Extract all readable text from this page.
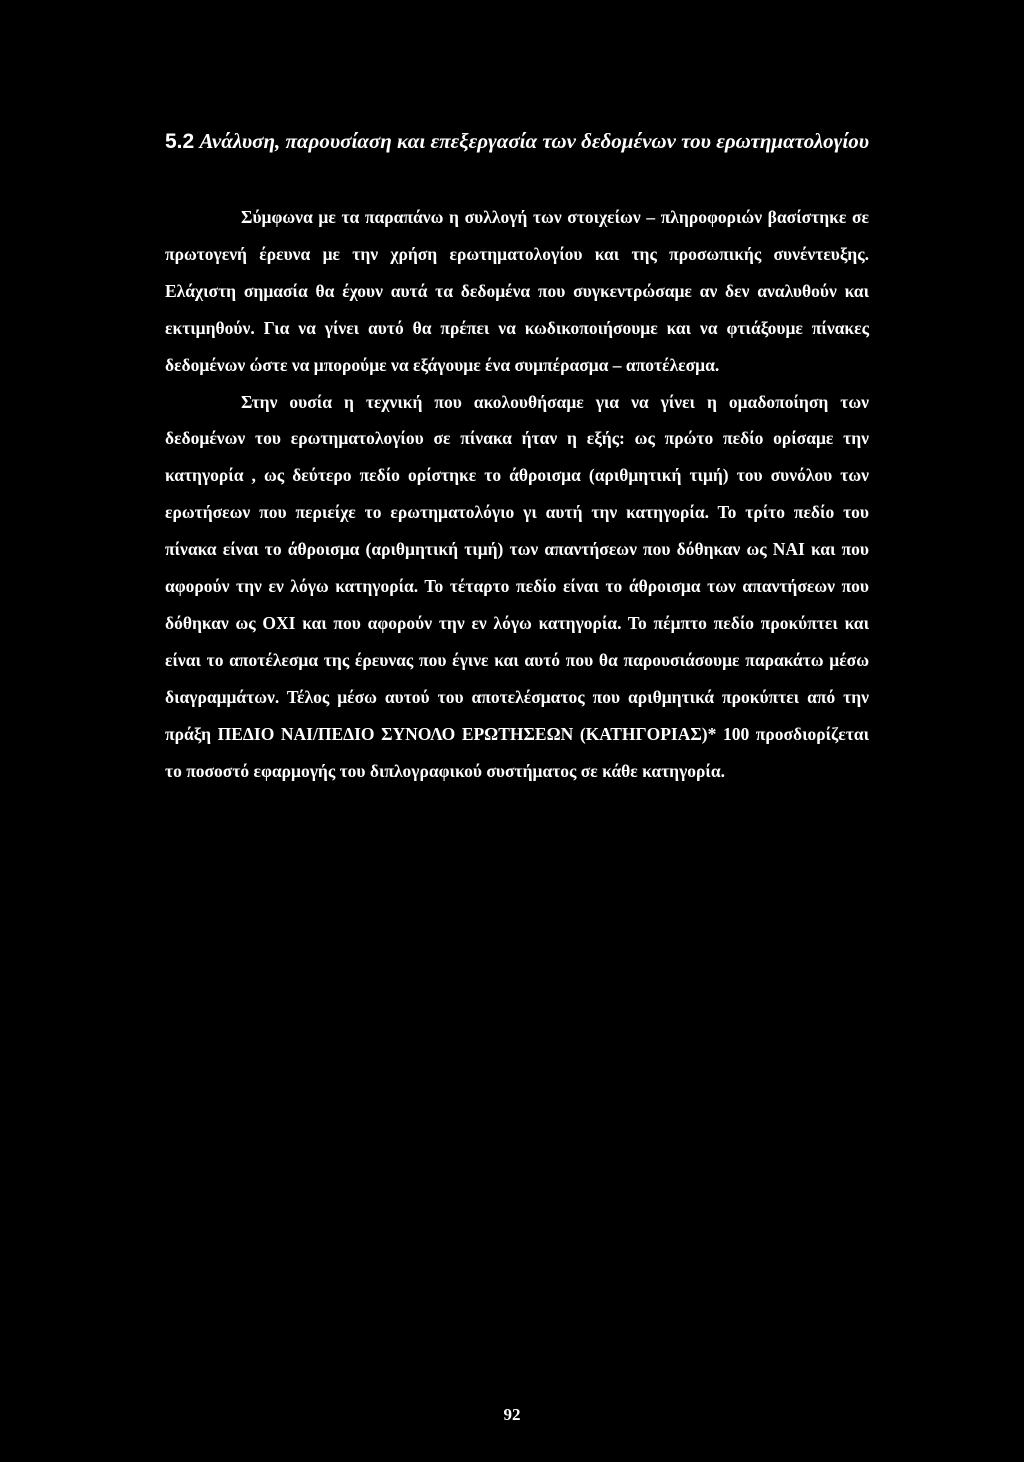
5.2 Ανάλυση, παρουσίαση και επεξεργασία των δεδομένων του ερωτηματολογίου

Σύμφωνα με τα παραπάνω η συλλογή των στοιχείων – πληροφοριών βασίστηκε σε πρωτογενή έρευνα με την χρήση ερωτηματολογίου και της προσωπικής συνέντευξης. Ελάχιστη σημασία θα έχουν αυτά τα δεδομένα που συγκεντρώσαμε αν δεν αναλυθούν και εκτιμηθούν. Για να γίνει αυτό θα πρέπει να κωδικοποιήσουμε και να φτιάξουμε πίνακες δεδομένων ώστε να μπορούμε να εξάγουμε ένα συμπέρασμα – αποτέλεσμα.

Στην ουσία η τεχνική που ακολουθήσαμε για να γίνει η ομαδοποίηση των δεδομένων του ερωτηματολογίου σε πίνακα ήταν η εξής: ως πρώτο πεδίο ορίσαμε την κατηγορία , ως δεύτερο πεδίο ορίστηκε το άθροισμα (αριθμητική τιμή) του συνόλου των ερωτήσεων που περιείχε το ερωτηματολόγιο γι αυτή την κατηγορία. Το τρίτο πεδίο του πίνακα είναι το άθροισμα (αριθμητική τιμή) των απαντήσεων που δόθηκαν ως ΝΑΙ και που αφορούν την εν λόγω κατηγορία. Το τέταρτο πεδίο είναι το άθροισμα των απαντήσεων που δόθηκαν ως ΟΧΙ και που αφορούν την εν λόγω κατηγορία. Το πέμπτο πεδίο προκύπτει και είναι το αποτέλεσμα της έρευνας που έγινε και αυτό που θα παρουσιάσουμε παρακάτω μέσω διαγραμμάτων. Τέλος μέσω αυτού του αποτελέσματος που αριθμητικά προκύπτει από την πράξη ΠΕΔΙΟ ΝΑΙ/ΠΕΔΙΟ ΣΥΝΟΛΟ ΕΡΩΤΗΣΕΩΝ (ΚΑΤΗΓΟΡΙΑΣ)* 100 προσδιορίζεται το ποσοστό εφαρμογής του διπλογραφικού συστήματος σε κάθε κατηγορία.

92
